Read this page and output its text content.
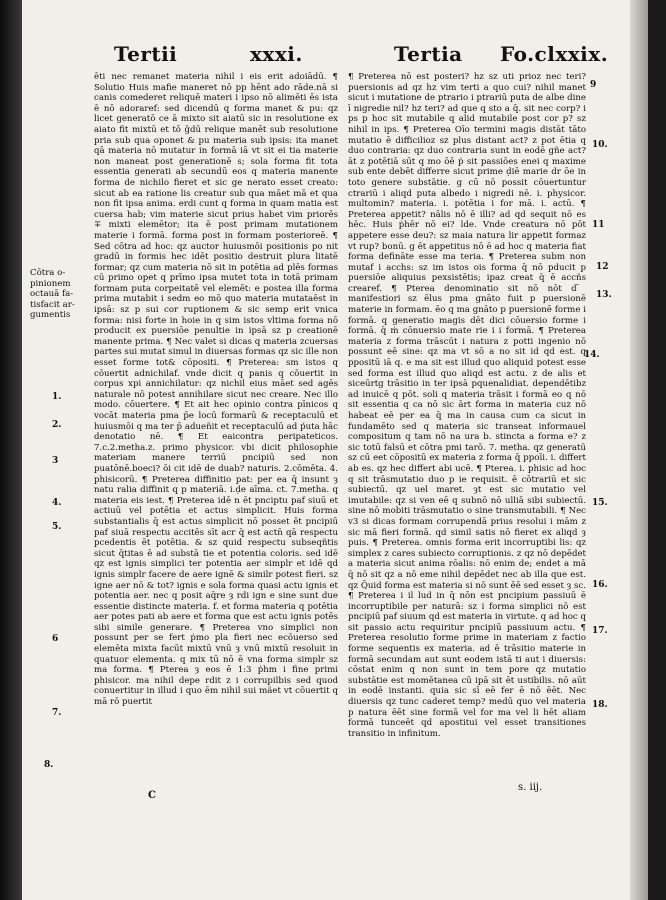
Tertii	xxxi.	Tertia Fo.clxxix.
Cōtra o- pinionem octauā fa- tisfacit ar- gumentis
1.
2.
3
4.
5.
6
7.
8.

ēti nec remanet materia nihil i eis erit adoiādū. ¶ Solutio Huis mafie maneret nō pp hēnt ado rāde.nā si canis comederet reliquē materi i ipso nō alimēti ēs ista ē nō adoraref: sed dicendū q forma manet & pu: qz licet generatō ce ā mixto sit aiatū sic in resolutione ex aiato fit mixtū et tō ḡdū relique manēt sub resolutione pria sub qua oponet & pu materia sub ipsis: ita manet qā materia nō mutatur in formā iā vt sit ei tia materie non maneat post generationē s; sola forma fit tota essentia generati ab secundū eos q materia manente forma de nichilo fieret et sic ge nerato esset creato: sicut ab ea ratione lis creatur sub qua māet mā et qua non fit ipsa anima. erdi cunt q forma in quam matia est cuersa hab; vim materie sicut prius habet vim priorēs ∓ mixti elemētor; ita ē post primam mutationem materie i formā. forma post in formam posterioreē. ¶ Sed cōtra ad hoc: qz auctor huiusmōi positionis po nit gradū in formis hec idēt positio destruit plura litatē formar; qz cum materia nō sit in potētia ad plēs formas cū primo opet q prīmo ipsa mutet tota in totā primam formam puta corpeitatē vel elemēt: e postea illa forma prima mutabit i sedm eo mō quo materia mutataēst in ipsā: sz p sui cor ruptionem & sic semp erit vnica forma: nisi forte in hoie in q sim istos vltima forma nō producit ex puersiōe penultie in ipsā sz p creationē manente prima. ¶ Nec valet si dicas q materia zcuersas partes sui mutat simul in diuersas formas qz sic ille non esset forme tot& cōpositi. ¶ Preterea: sm istos q cōuertit adnichilaf. vnde dicit q panis q cōuertit in corpus xpi annichilatur: qz nichil eius māet sed agēs naturale nō potest annihilare sicut nec creare. Nec illo modo. cōuertere. ¶ Et ait hec opinio contra pīnicos q vocāt materia pma p̄e locū formarū & receptaculū et huiusmōi q ma ter p̄ adueñit et receptaculū ad ṕuta hāc denotatio nē. ¶ Et eaicontra peripateticos. 7.c.2.metha.z. primo physicor. vbi dicit philosophie materiam manere terriū pncipiū sed non puatōnē.boeci? ōi cit idē de duab? naturis. 2.cōmēta. 4. phisicorū. ¶ Preterea diffinitio pat: per ea q̄ insunt ȝ natu ralia diffinit q p materiā. i.ḍe aīma. ct. 7.metha. q materia eis iest. ¶ Preterea idē n ēt pnciptu paf siuū et actiuū vel potētia et actus simplicit. Huis forma substantialis q̄ est actus simplicit nō posset ēt pncipiū paf siuā respectu accitēs sīt acr q̄ est actn̄ qā respectu pcedentis ēt potētia. & sz quid respectu subseqñtis sicut q̄titas ē ad substā tie et potentia coloris. sed idē qz est ignis simplici ter potentia aer simplr et idē qd ignis simplr facere de aere ignē & similr potest fieri. sz igne aer nō & tot? ignis e sola forma quasi actu ignis et potentia aer. nec q posit aq̄re ȝ rdi ign e sine sunt due essentie distincte materia. f. et forma materia q potētia aer potes pati ab aere et forma que est actu ignis potēs sibi simile generare. ¶ Preterea vno simplici non possunt per se fert ṗmo pla fieri nec ecōuerso sed elemēta mixta facūt mixtū vnū ȝ vnū mixtū resoluit in quatuor elementa. q mix tū nō ē vna forma simplr sz ma forma. ¶ Pterea ȝ eos ē 1:3 ṗhm i fine primi phisicor. ma nihil depe rdit z i corrupilbis sed quod conuertitur in illud i quo ēm nihil sui mäet vt cōuertit q mā rō puertit

¶ Preterea nō est posteri? hz sz uti prioz nec teri? puersionis ad qz hz vim terti a quo cui? nihil manet sicut i mutatione de ptrario i ptrariū puta de albe dine ī nigredie nil? hz teri? ad que q sto a q̄. sit nec corp? i ps p hoc sit mutabile q alid mutabile post cor p? sz nihil in ips. ¶ Preterea Oīo termini magis distāt tāto mutatio ē difficilioz sz plus distant act? z pot ētia q duo contraria: qz duo contraria sunt in eodē gñe act? āt z potētiā sūt q mo ōē ṗ sit passiōes enei q maxime sub ente debēt differre sicut prime ḍiē marie dr ōe in toto genere substātie. g cū nō possit cōuertuntur ctrariū i aliqd puta albedo i nigredi nē. i. physicor. multomin? materia. i. potētia i for mā. i. actū. ¶ Preterea appetit? nālis nō ē illi? ad qd sequit nō es hēc. Huis ṗhēr nō ei? lde. Vnde creatura nō pōt appetere esse deu?: sz maia natura lir appetit formaz vt rup? bonū. g ēt appetitus nō ē ad hoc q materia fiat forma defināte esse ma teria. ¶ Preterea subm non mutaf i acchs: sz im istos ois forma q̄ nō pducit p puersiōe aliquius pexsistētis; ipaz creat q̄ ē accñs crearef. ¶ Pterea denominatio sit nō nōt d ̄ manifestiori sz ēlus pma gnāto fuit p puersionē materie in formam. ēo q ma gnāto p puersionē forme i formā. q generatio magis dēt dici cōuersio forme i formā. q̄ ṁ cōnuersio mate rie i i formā. ¶ Preterea materia z forma trāscūt i natura z potti ingenio nō possunt eē sine: qz ma vt sō a no sit id qd est. q ppositū iā q. e ma sit est illud quo aliquid potest esse sed forma est illud quo aliqd est actu. z de alis et siceūrtg trāsitio in ter ipsā pquenalidiat. dependētibz ad inuicē q pōt. soli q materia trāsit i formā eo q nō sit essentia q ca nō sic ārt forma in materia cuz nō habeat eē per ea q̄ ma in causa cum ca sicut in fundamēto sed q materia sic transeat informauel compositum q tam nō na ura b. stincta a forma e? z sic totū falsū et cōtra pmi tarō. 7. metha. qz generatū sz cū eet cōpositū ex materia z forma q̄ ppoīi. i. differt ab es. qz hec differt abi ucē. ¶ Pterea. i. phisic ad hoc q sit trāsmutatio duo p ie requisit. ē cōtrariū et sic subiectū. qz uel maret. ȝt est sic mutatio vel imutabile: qz si ven eē q subnō nō ulliā sibi subiectū. sine nō mobiti trāsmutatio o sine transmutabili. ¶ Nec v3 si dicas formam corrupendā prius resolui i mām z sic mā fieri formā. qd simil satis nō fieret ex aliqd ȝ puis. ¶ Preterea. omnis forma erit incorruptibi lis: qz simplex z cares subiecto corruptionis. z qz nō depēdet a materia sicut anima rōalis: nō enim de; endet a mā q̄ nō sit qz a nō eme nihil depēdet nec ab illa que est. qz Q̄uid forma est materia si nō sunt ēē sed esset ȝ sc. ¶ Preterea i il lud in q̄ nōn est pncipium passiuū ē incorruptibile per naturā: sz i forma simplici nō est pncipiū paf siuum qd est materia in virtute. q ad hoc q sit passio actu requiritur pncipiū passiuum actu. ¶ Preterea resolutio forme prime in materiam z factio forme sequentis ex materia. ad ē trāsitio materie in formā secundam aut sunt eodem istā ti aut i diuersis: cōstat enim q non sunt in tem pore qz mutatio substātie est momētanea cū ipā sit ēt ustibilis. nō aūt in eodē instanti. quia sic sī eē fer ē nō ēēt. Nec diuersis qz tunc caderet temp? medū quo vel materia p natura ēēt sine formā vel for ma vel li hēt aliam formā tunceēt qd apostitui vel esset transitiones transitio in infinitum.

9
10.
11
12
13.
14.
15.
16.
17.
18.
C
s. iij.
